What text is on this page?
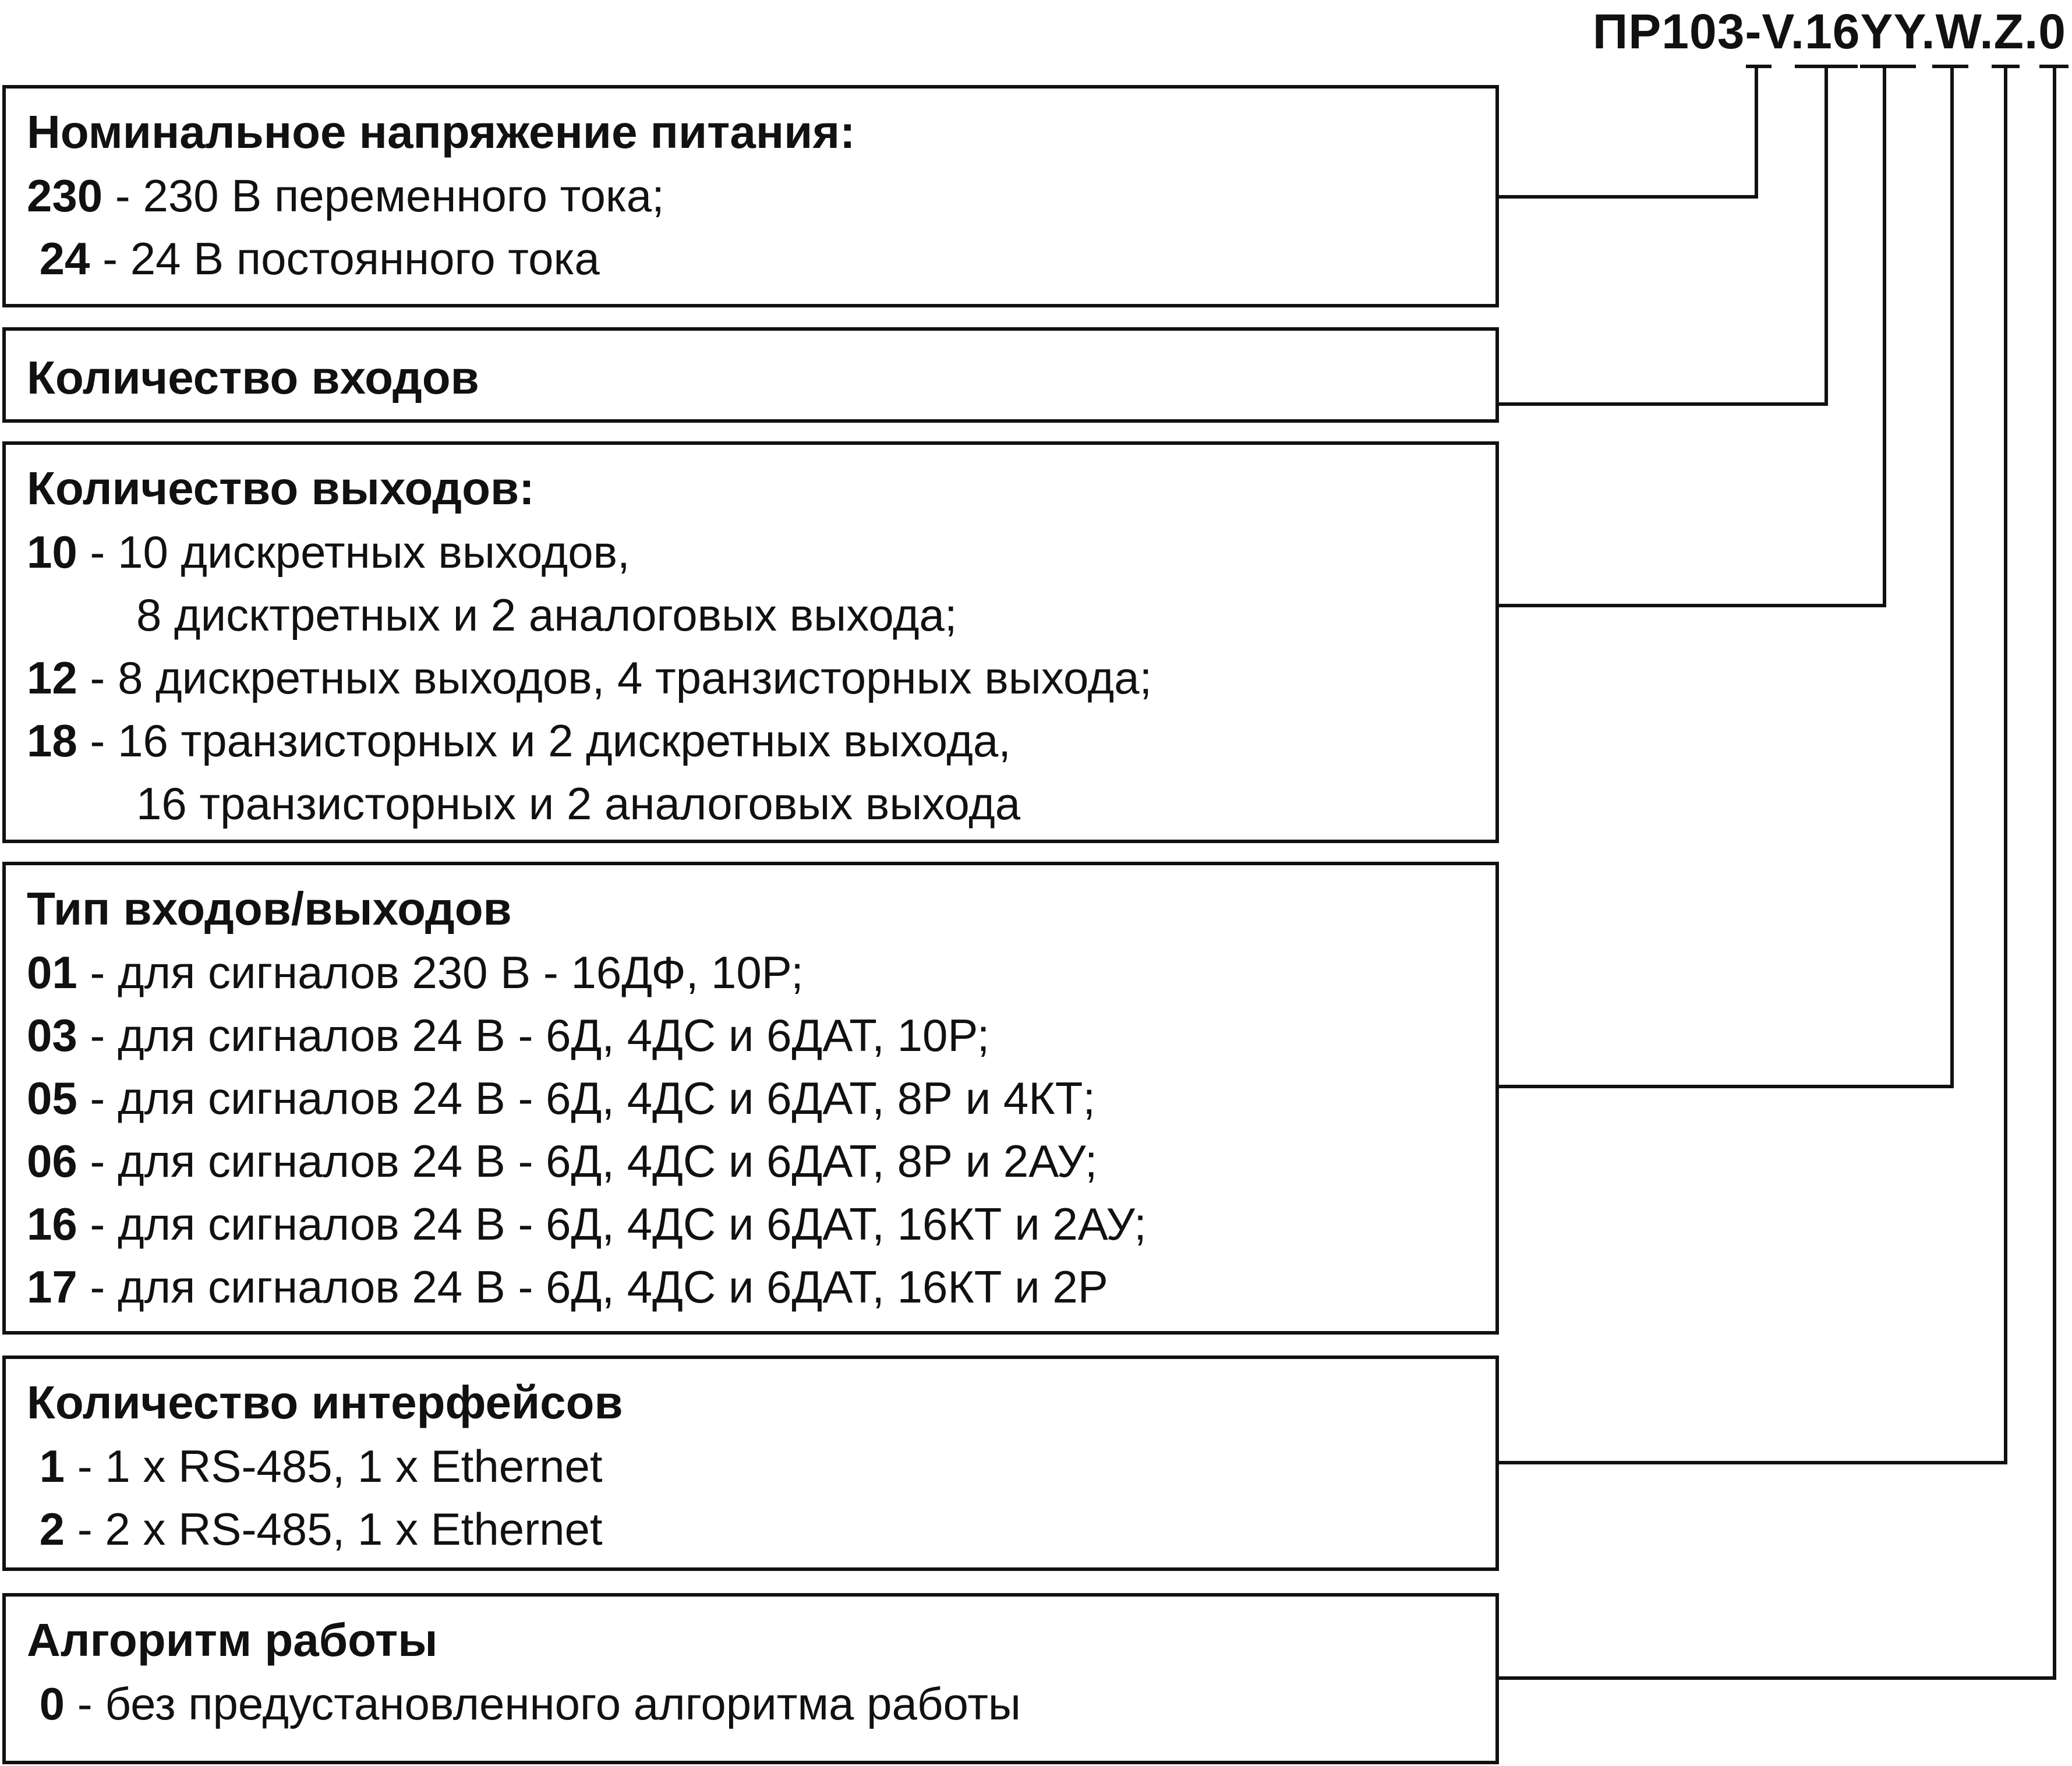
ПР103-V.16YY.W.Z.0
Номинальное напряжение питания:
230 - 230 В переменного тока;
24 - 24 В постоянного тока
Количество входов
Количество выходов:
10 - 10 дискретных выходов,
8 дисктретных и 2 аналоговых выхода;
12 - 8 дискретных выходов, 4 транзисторных выхода;
18 - 16 транзисторных и 2 дискретных выхода,
16 транзисторных и 2 аналоговых выхода
Тип входов/выходов
01 - для сигналов 230 В - 16ДФ, 10Р;
03 - для сигналов 24 В - 6Д, 4ДС и 6ДАТ, 10Р;
05 - для сигналов 24 В - 6Д, 4ДС и 6ДАТ, 8Р и 4КТ;
06 - для сигналов 24 В - 6Д, 4ДС и 6ДАТ, 8Р и 2АУ;
16 - для сигналов 24 В - 6Д, 4ДС и 6ДАТ, 16КТ и 2АУ;
17 - для сигналов 24 В - 6Д, 4ДС и 6ДАТ, 16КТ и 2Р
Количество интерфейсов
1 - 1 x RS-485, 1 x Ethernet
2 - 2 x RS-485, 1 x Ethernet
Алгоритм работы
0 - без предустановленного алгоритма работы
